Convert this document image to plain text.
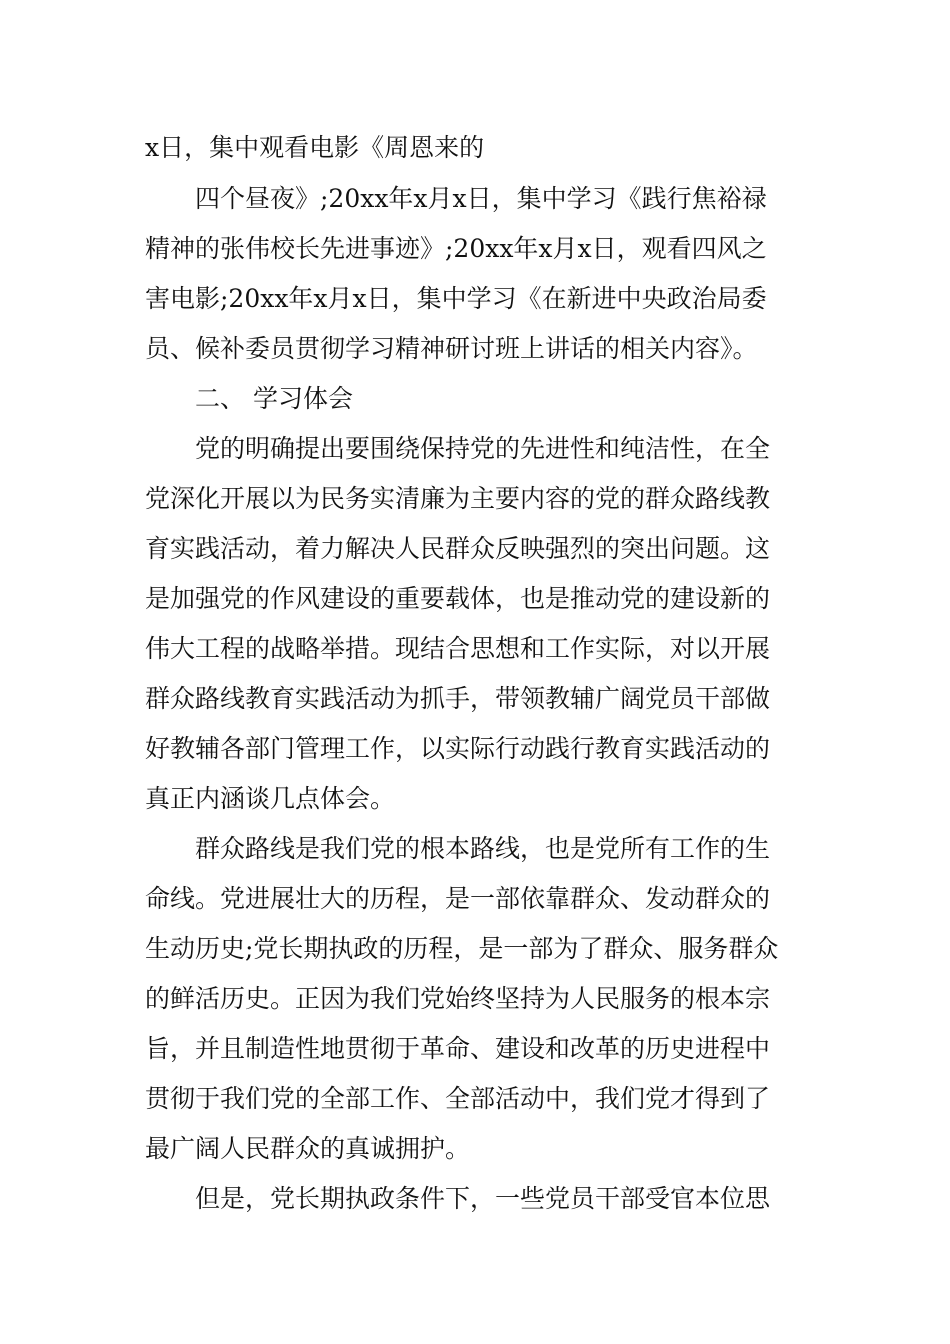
x日，集中观看电影《周恩来的
四个昼夜》;20xx年x月x日，集中学习《践行焦裕禄
精神的张伟校长先进事迹》;20xx年x月x日，观看四风之
害电影;20xx年x月x日，集中学习《在新进中央政治局委
员、候补委员贯彻学习精神研讨班上讲话的相关内容》。
二、 学习体会
党的明确提出要围绕保持党的先进性和纯洁性，在全
党深化开展以为民务实清廉为主要内容的党的群众路线教
育实践活动，着力解决人民群众反映强烈的突出问题。这
是加强党的作风建设的重要载体，也是推动党的建设新的
伟大工程的战略举措。现结合思想和工作实际，对以开展
群众路线教育实践活动为抓手，带领教辅广阔党员干部做
好教辅各部门管理工作，以实际行动践行教育实践活动的
真正内涵谈几点体会。
群众路线是我们党的根本路线，也是党所有工作的生
命线。党进展壮大的历程，是一部依靠群众、发动群众的
生动历史;党长期执政的历程，是一部为了群众、服务群众
的鲜活历史。正因为我们党始终坚持为人民服务的根本宗
旨，并且制造性地贯彻于革命、建设和改革的历史进程中
贯彻于我们党的全部工作、全部活动中，我们党才得到了
最广阔人民群众的真诚拥护。
但是，党长期执政条件下，一些党员干部受官本位思
